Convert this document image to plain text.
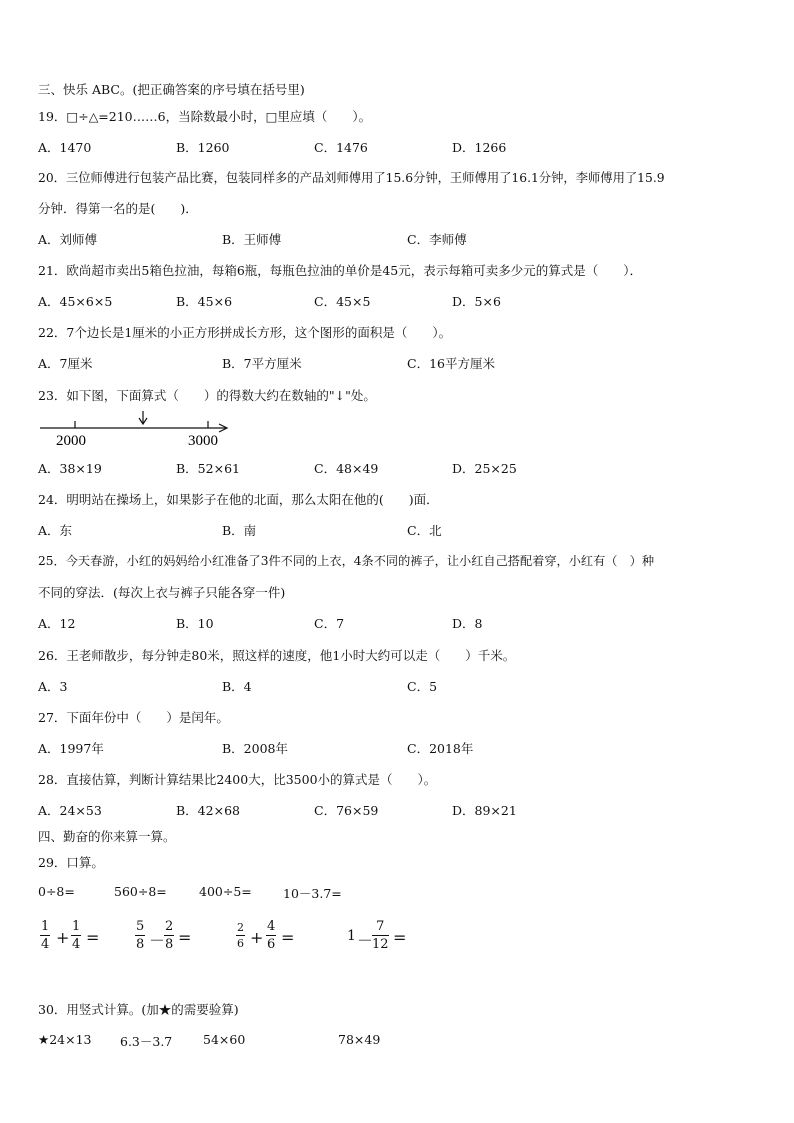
三、快乐 ABC。(把正确答案的序号填在括号里)
19．□÷△=210……6，当除数最小时，□里应填（　　）。
A．1470	B．1260	C．1476	D．1266
20．三位师傅进行包装产品比赛，包装同样多的产品刘师傅用了15.6分钟，王师傅用了16.1分钟，李师傅用了15.9
分钟．得第一名的是(　　)．
A．刘师傅	B．王师傅	C．李师傅
21．欧尚超市卖出5箱色拉油，每箱6瓶，每瓶色拉油的单价是45元，表示每箱可卖多少元的算式是（　　）．
A．45×6×5	B．45×6	C．45×5	D．5×6
22．7个边长是1厘米的小正方形拼成长方形，这个图形的面积是（　　）。
A．7厘米	B．7平方厘米	C．16平方厘米
23．如下图，下面算式（　　）的得数大约在数轴的"↓"处。
2000	3000
A．38×19	B．52×61	C．48×49	D．25×25
24．明明站在操场上，如果影子在他的北面，那么太阳在他的(　　)面．
A．东	B．南	C．北
25．今天春游，小红的妈妈给小红准备了3件不同的上衣，4条不同的裤子，让小红自己搭配着穿，小红有（　）种
不同的穿法．(每次上衣与裤子只能各穿一件)
A．12	B．10	C．7	D．8
26．王老师散步，每分钟走80米，照这样的速度，他1小时大约可以走（　　）千米。
A．3	B．4	C．5
27．下面年份中（　　）是闰年。
A．1997年	B．2008年	C．2018年
28．直接估算，判断计算结果比2400大，比3500小的算式是（　　）。
A．24×53	B．42×68	C．76×59	D．89×21
四、勤奋的你来算一算。
29．口算。
0÷8=	560÷8=	400÷5= 10－3.7=
$\frac{1}{4} + \frac{1}{4}$ =	$\frac{5}{8}$ －
$\frac{2}{8}$ =	$\frac{2}{6} + \frac{4}{6}$ =	1 －
$\frac{7}{12}$ =
30．用竖式计算。(加★的需要验算)
★24×13 6.3－3.7 54×60	78×49
